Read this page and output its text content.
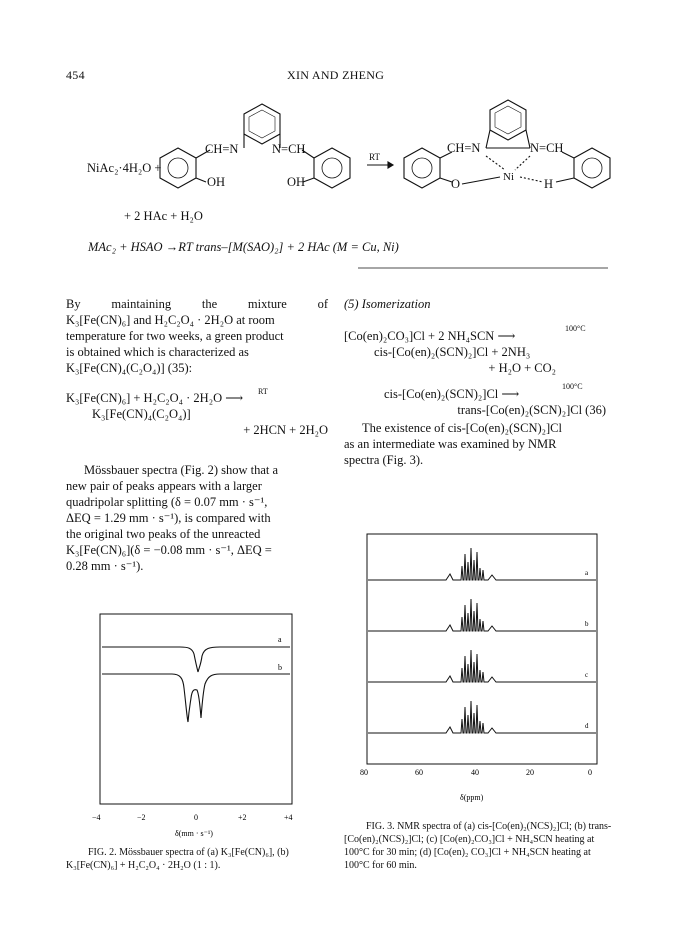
454	XIN AND ZHENG
NiAc₂·4H₂O +
CH=N	N=CH
OH	OH
RT
CH=N	N=CH
Ni
O	H
+ 2 HAc + H₂O
MAc₂ + HSAO →RT trans–[M(SAO)₂] + 2 HAc (M = Cu, Ni)
By maintaining the mixture of
K₃[Fe(CN)₆] and H₂C₂O₄ · 2H₂O at room
temperature for two weeks, a green product
is obtained which is characterized as
K₃[Fe(CN)₄(C₂O₄)] (35):
K₃[Fe(CN)₆] + H₂C₂O₄ · 2H₂O	RT
⟶
K₃[Fe(CN)₄(C₂O₄)]
+ 2HCN + 2H₂O
Mössbauer spectra (Fig. 2) show that a
new pair of peaks appears with a larger
quadripolar splitting (δ = 0.07 mm · s⁻¹,
ΔEQ = 1.29 mm · s⁻¹), is compared with
the original two peaks of the unreacted
K₃[Fe(CN)₆](δ = −0.08 mm · s⁻¹, ΔEQ =
0.28 mm · s⁻¹).
(5) Isomerization
[Co(en)₂CO₃]Cl + 2 NH₄SCN
100°C
⟶
cis-[Co(en)₂(SCN)₂]Cl + 2NH₃
+ H₂O + CO₂
cis-[Co(en)₂(SCN)₂]Cl
100°C
⟶
trans-[Co(en)₂(SCN)₂]Cl (36)
The existence of cis-[Co(en)₂(SCN)₂]Cl
as an intermediate was examined by NMR
spectra (Fig. 3).
a
b
−4	−2	0	+2	+4
δ(mm · s⁻¹)
FIG. 2. Mössbauer spectra of (a) K₃[Fe(CN)₆], (b) K₃[Fe(CN)₆] + H₂C₂O₄ · 2H₂O (1 : 1).
a
b
c
d
80	60	40	20	0
δ(ppm)
FIG. 3. NMR spectra of (a) cis-[Co(en)₂(NCS)₂]Cl; (b) trans-[Co(en)₂(NCS)₂]Cl; (c) [Co(en)₂CO₃]Cl + NH₄SCN heating at 100°C for 30 min; (d) [Co(en)₂ CO₃]Cl + NH₄SCN heating at 100°C for 60 min.
